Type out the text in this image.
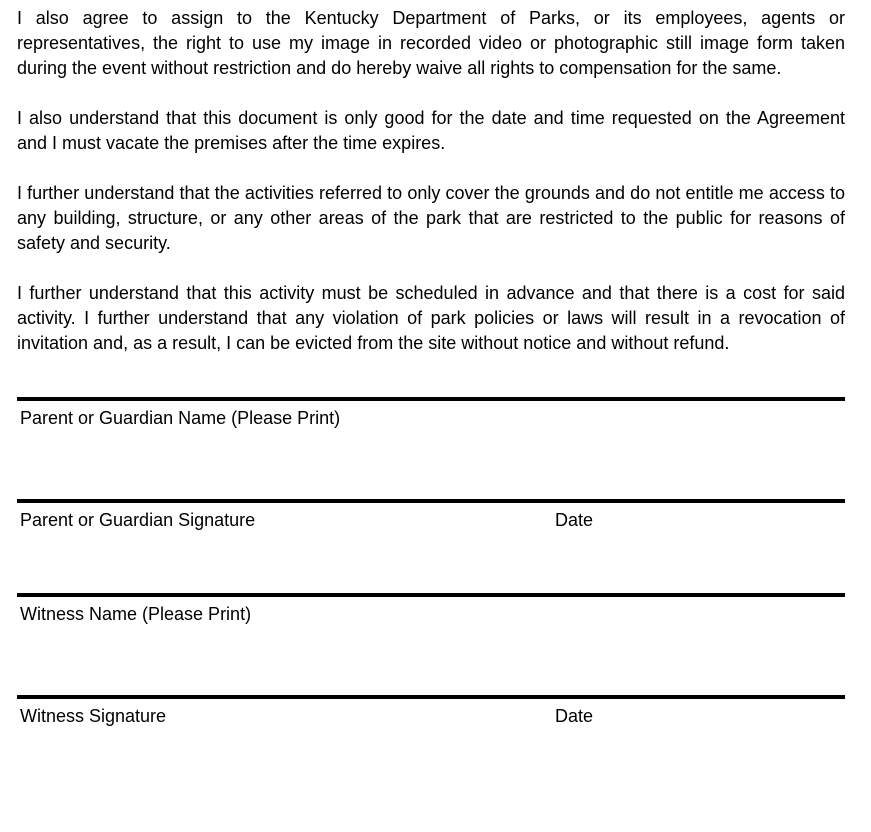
I also agree to assign to the Kentucky Department of Parks, or its employees, agents or representatives, the right to use my image in recorded video or photographic still image form taken during the event without restriction and do hereby waive all rights to compensation for the same.

I also understand that this document is only good for the date and time requested on the Agreement and I must vacate the premises after the time expires.

I further understand that the activities referred to only cover the grounds and do not entitle me access to any building, structure, or any other areas of the park that are restricted to the public for reasons of safety and security.

I further understand that this activity must be scheduled in advance and that there is a cost for said activity. I further understand that any violation of park policies or laws will result in a revocation of invitation and, as a result, I can be evicted from the site without notice and without refund.

Parent or Guardian Name (Please Print)
Parent or Guardian Signature	Date
Witness Name (Please Print)
Witness Signature	Date
